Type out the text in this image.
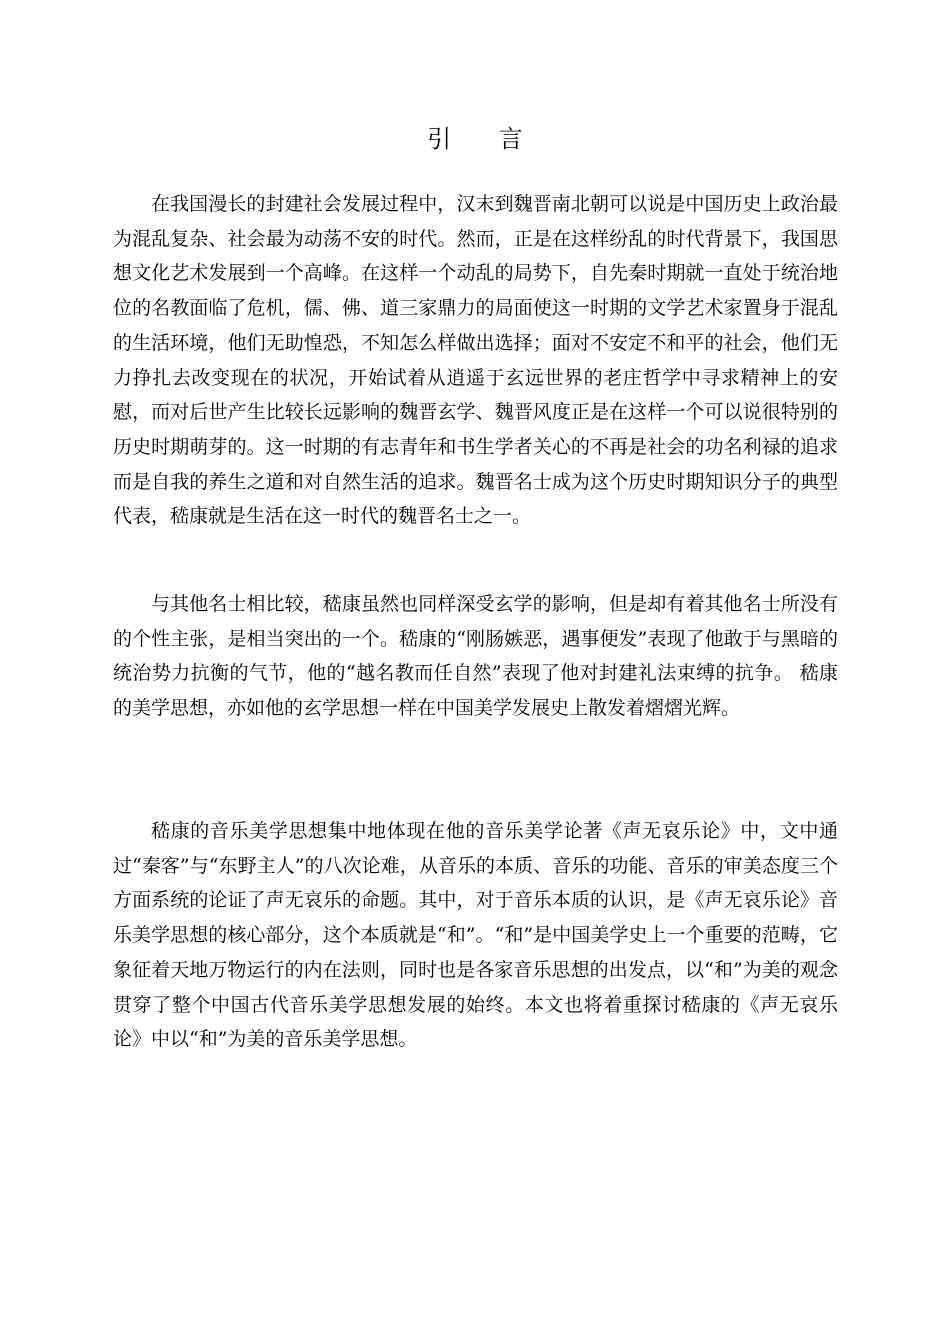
引 言

在我国漫长的封建社会发展过程中，汉末到魏晋南北朝可以说是中国历史上政治最为混乱复杂、社会最为动荡不安的时代。然而，正是在这样纷乱的时代背景下，我国思想文化艺术发展到一个高峰。在这样一个动乱的局势下，自先秦时期就一直处于统治地位的名教面临了危机，儒、佛、道三家鼎力的局面使这一时期的文学艺术家置身于混乱的生活环境，他们无助惶恐，不知怎么样做出选择；面对不安定不和平的社会，他们无力挣扎去改变现在的状况，开始试着从逍遥于玄远世界的老庄哲学中寻求精神上的安慰，而对后世产生比较长远影响的魏晋玄学、魏晋风度正是在这样一个可以说很特别的历史时期萌芽的。这一时期的有志青年和书生学者关心的不再是社会的功名利禄的追求而是自我的养生之道和对自然生活的追求。魏晋名士成为这个历史时期知识分子的典型代表，嵇康就是生活在这一时代的魏晋名士之一。

与其他名士相比较，嵇康虽然也同样深受玄学的影响，但是却有着其他名士所没有的个性主张，是相当突出的一个。嵇康的“刚肠嫉恶，遇事便发”表现了他敢于与黑暗的统治势力抗衡的气节，他的“越名教而任自然”表现了他对封建礼法束缚的抗争。 嵇康的美学思想，亦如他的玄学思想一样在中国美学发展史上散发着熠熠光辉。

嵇康的音乐美学思想集中地体现在他的音乐美学论著《声无哀乐论》中，文中通过“秦客”与“东野主人”的八次论难，从音乐的本质、音乐的功能、音乐的审美态度三个方面系统的论证了声无哀乐的命题。其中，对于音乐本质的认识，是《声无哀乐论》音乐美学思想的核心部分，这个本质就是“和”。“和”是中国美学史上一个重要的范畴，它象征着天地万物运行的内在法则，同时也是各家音乐思想的出发点，以“和”为美的观念贯穿了整个中国古代音乐美学思想发展的始终。本文也将着重探讨嵇康的《声无哀乐论》中以“和”为美的音乐美学思想。
